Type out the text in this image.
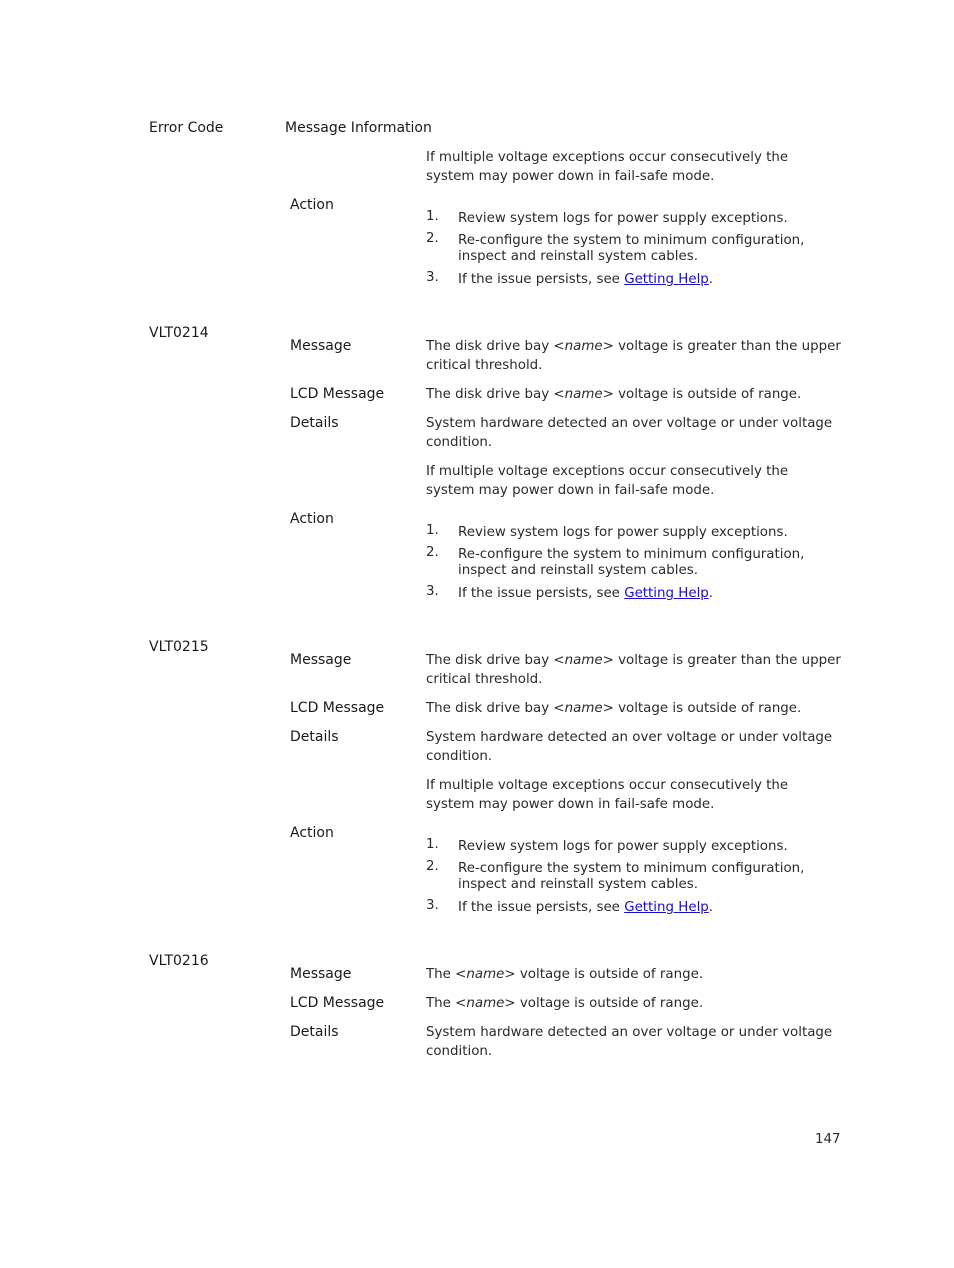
Error Code	Message Information
If multiple voltage exceptions occur consecutively the
system may power down in fail-safe mode.
Action
1. Review system logs for power supply exceptions.
2. Re-configure the system to minimum configuration,
inspect and reinstall system cables.
3. If the issue persists, see Getting Help.
VLT0214
Message	The disk drive bay <name> voltage is greater than the upper
critical threshold.
LCD Message	The disk drive bay <name> voltage is outside of range.
Details	System hardware detected an over voltage or under voltage
condition.
If multiple voltage exceptions occur consecutively the
system may power down in fail-safe mode.
Action
1. Review system logs for power supply exceptions.
2. Re-configure the system to minimum configuration,
inspect and reinstall system cables.
3. If the issue persists, see Getting Help.
VLT0215
Message	The disk drive bay <name> voltage is greater than the upper
critical threshold.
LCD Message	The disk drive bay <name> voltage is outside of range.
Details	System hardware detected an over voltage or under voltage
condition.
If multiple voltage exceptions occur consecutively the
system may power down in fail-safe mode.
Action
1. Review system logs for power supply exceptions.
2. Re-configure the system to minimum configuration,
inspect and reinstall system cables.
3. If the issue persists, see Getting Help.
VLT0216
Message	The <name> voltage is outside of range.
LCD Message	The <name> voltage is outside of range.
Details	System hardware detected an over voltage or under voltage
condition.
147
